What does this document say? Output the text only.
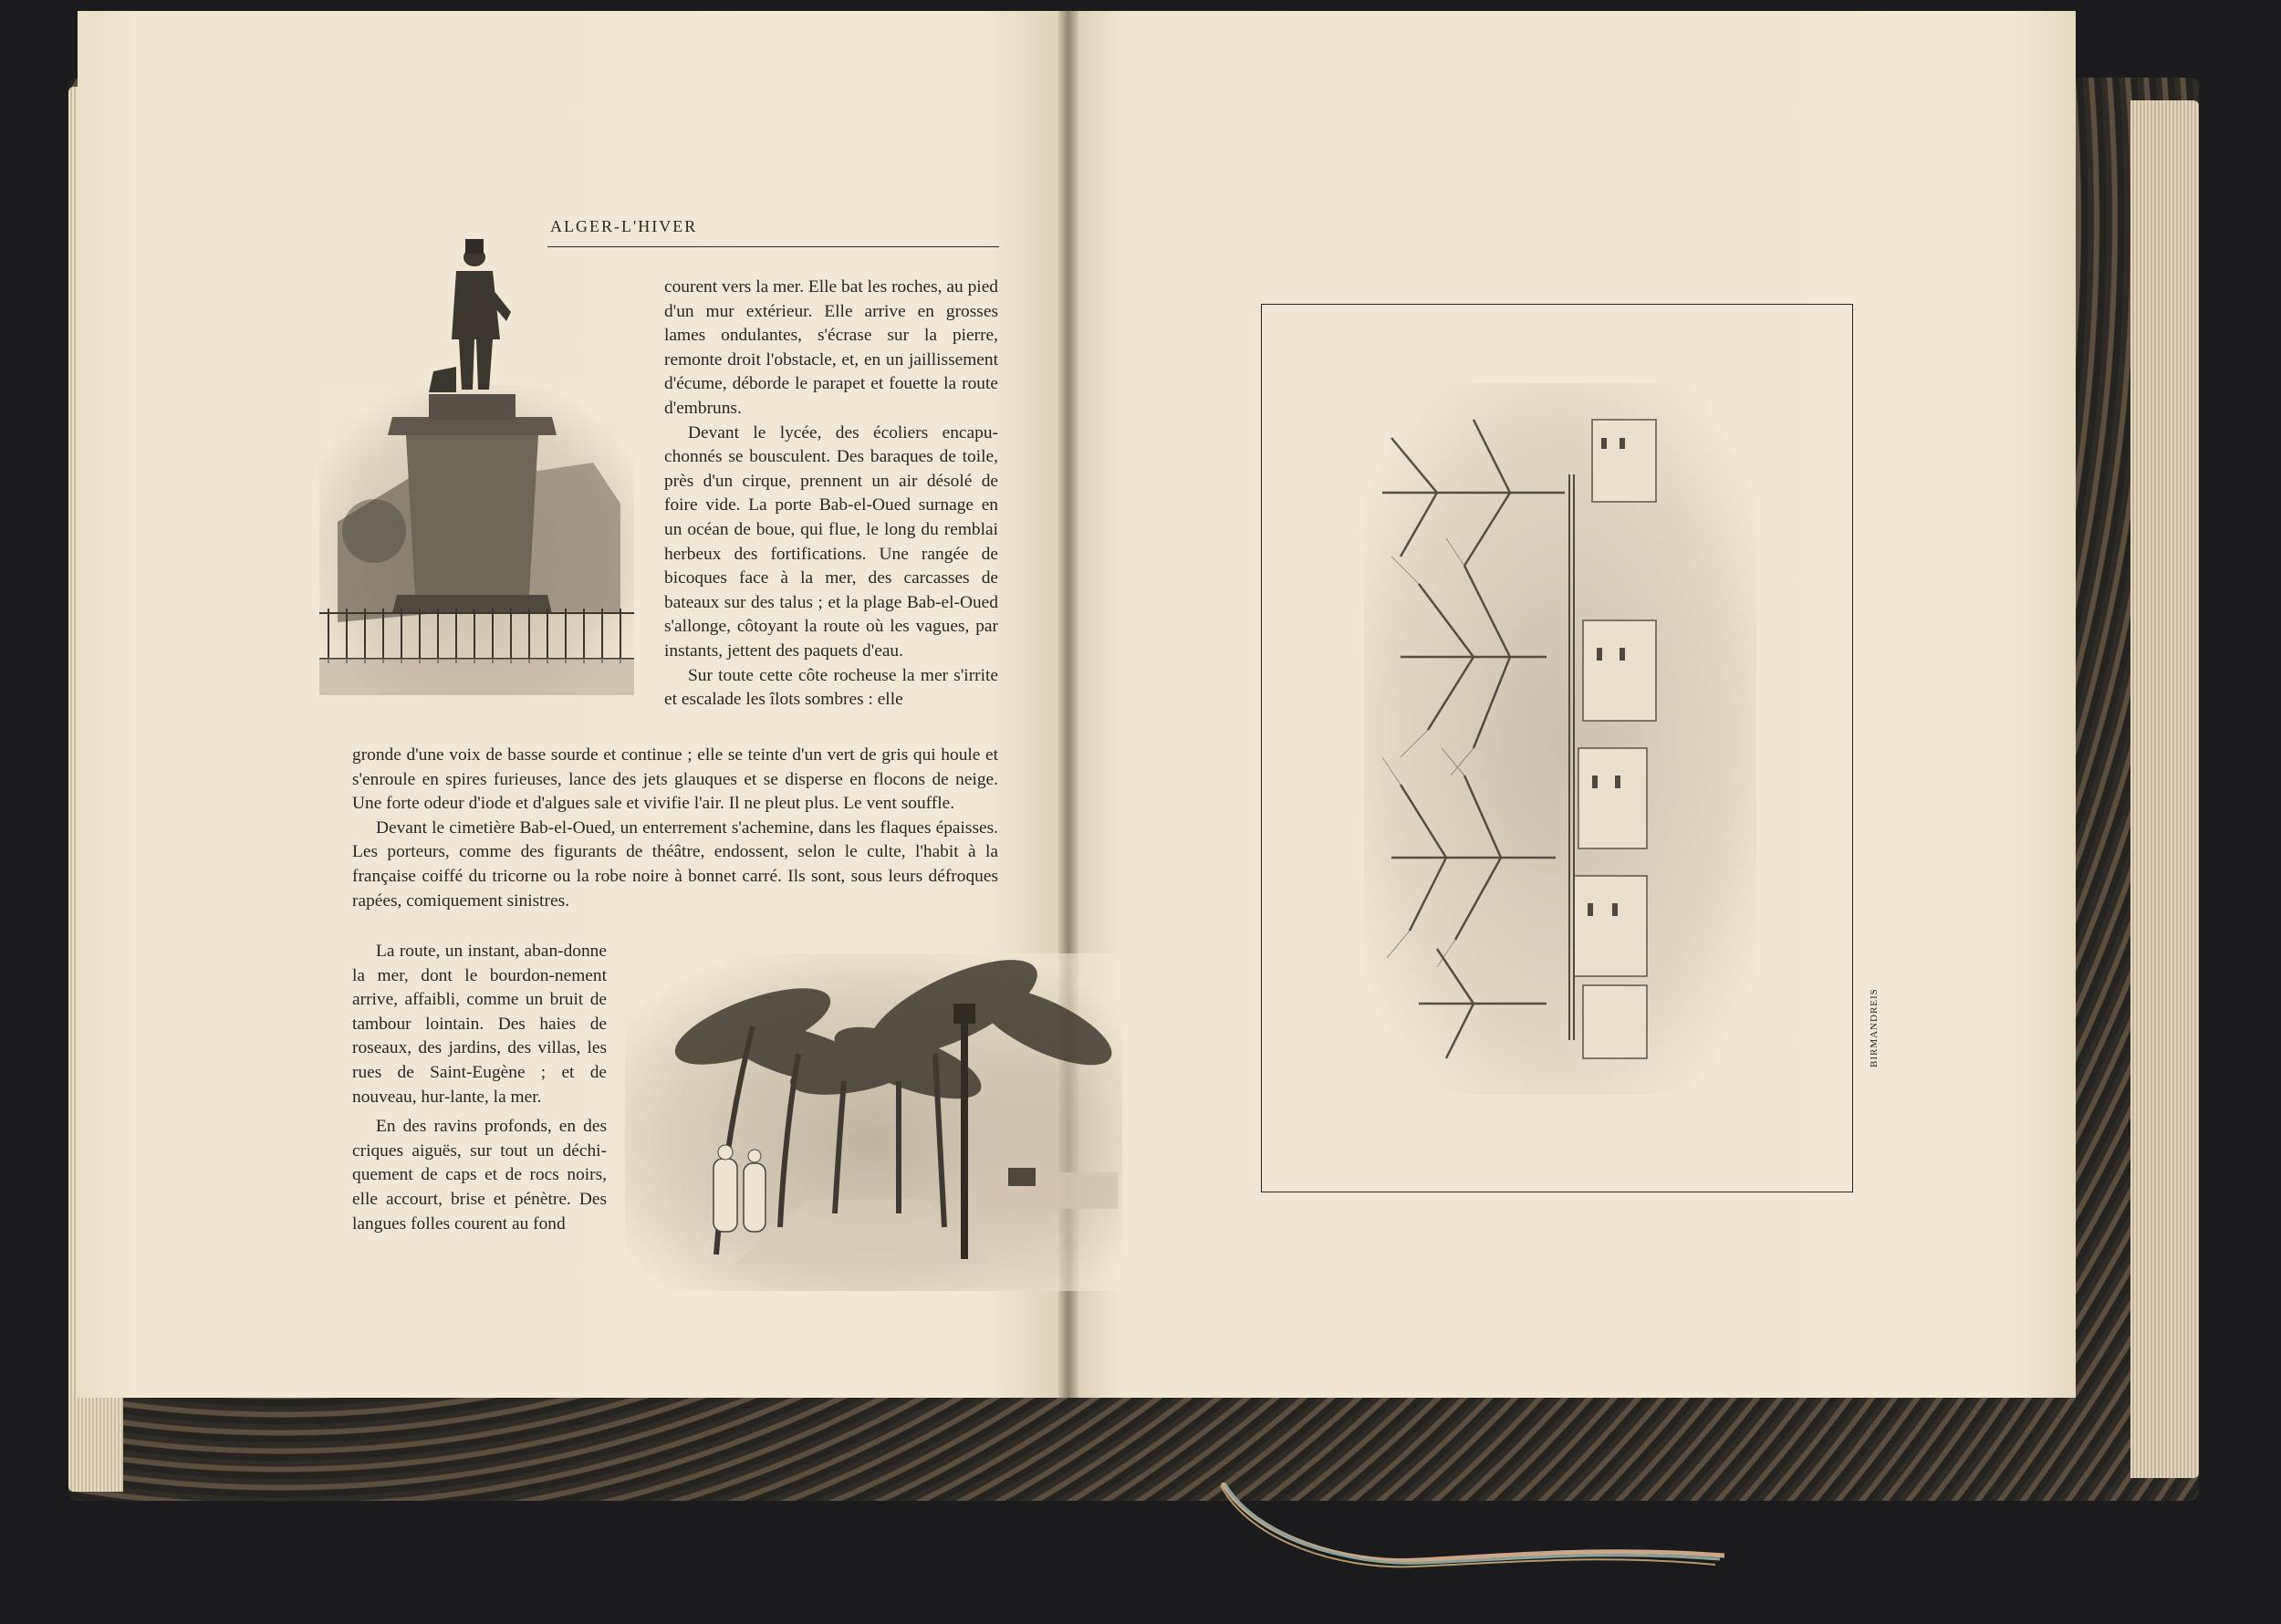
ALGER-L'HIVER

courent vers la mer. Elle bat les roches, au pied d'un mur extérieur. Elle arrive en grosses lames ondulantes, s'écrase sur la pierre, remonte droit l'obstacle, et, en un jaillissement d'écume, déborde le parapet et fouette la route d'embruns.

Devant le lycée, des écoliers encapu-chonnés se bousculent. Des baraques de toile, près d'un cirque, prennent un air désolé de foire vide. La porte Bab-el-Oued surnage en un océan de boue, qui flue, le long du remblai herbeux des fortifications. Une rangée de bicoques face à la mer, des carcasses de bateaux sur des talus ; et la plage Bab-el-Oued s'allonge, côtoyant la route où les vagues, par instants, jettent des paquets d'eau.

Sur toute cette côte rocheuse la mer s'irrite et escalade les îlots sombres : elle

gronde d'une voix de basse sourde et continue ; elle se teinte d'un vert de gris qui houle et s'enroule en spires furieuses, lance des jets glauques et se disperse en flocons de neige. Une forte odeur d'iode et d'algues sale et vivifie l'air. Il ne pleut plus. Le vent souffle.

Devant le cimetière Bab-el-Oued, un enterrement s'achemine, dans les flaques épaisses. Les porteurs, comme des figurants de théâtre, endossent, selon le culte, l'habit à la française coiffé du tricorne ou la robe noire à bonnet carré. Ils sont, sous leurs défroques rapées, comiquement sinistres.

La route, un instant, aban-donne la mer, dont le bourdon-nement arrive, affaibli, comme un bruit de tambour lointain. Des haies de roseaux, des jardins, des villas, les rues de Saint-Eugène ; et de nouveau, hur-lante, la mer.

En des ravins profonds, en des criques aiguës, sur tout un déchi-quement de caps et de rocs noirs, elle accourt, brise et pénètre. Des langues folles courent au fond

BIRMANDREIS
